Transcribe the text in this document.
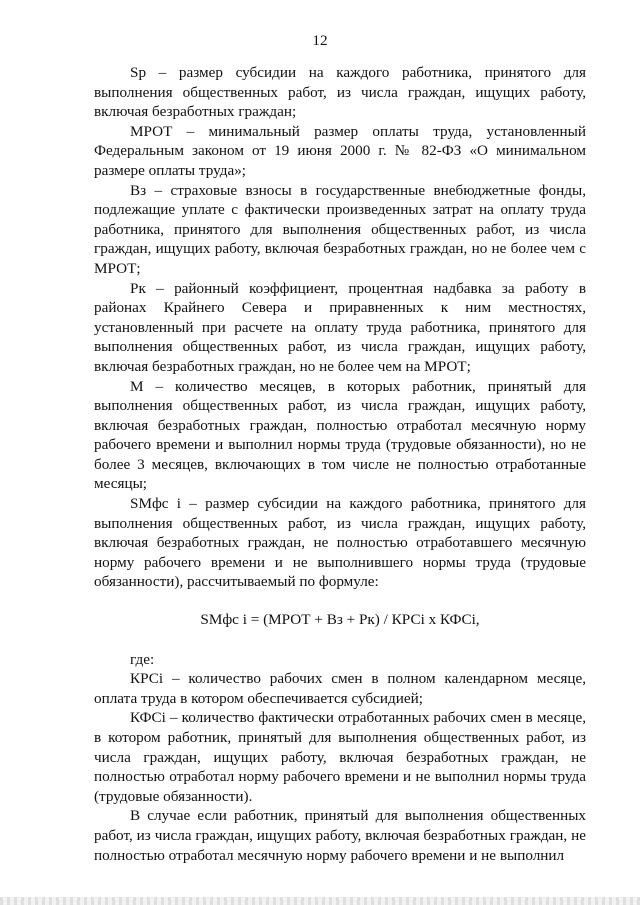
12

Sp – размер субсидии на каждого работника, принятого для выполнения общественных работ, из числа граждан, ищущих работу, включая безработных граждан;

МРОТ – минимальный размер оплаты труда, установленный Федеральным законом от 19 июня 2000 г. № 82-ФЗ «О минимальном размере оплаты труда»;

Вз – страховые взносы в государственные внебюджетные фонды, подлежащие уплате с фактически произведенных затрат на оплату труда работника, принятого для выполнения общественных работ, из числа граждан, ищущих работу, включая безработных граждан, но не более чем с МРОТ;

Рк – районный коэффициент, процентная надбавка за работу в районах Крайнего Севера и приравненных к ним местностях, установленный при расчете на оплату труда работника, принятого для выполнения общественных работ, из числа граждан, ищущих работу, включая безработных граждан, но не более чем на МРОТ;

М – количество месяцев, в которых работник, принятый для выполнения общественных работ, из числа граждан, ищущих работу, включая безработных граждан, полностью отработал месячную норму рабочего времени и выполнил нормы труда (трудовые обязанности), но не более 3 месяцев, включающих в том числе не полностью отработанные месяцы;

SMфс i – размер субсидии на каждого работника, принятого для выполнения общественных работ, из числа граждан, ищущих работу, включая безработных граждан, не полностью отработавшего месячную норму рабочего времени и не выполнившего нормы труда (трудовые обязанности), рассчитываемый по формуле:

SMфс i = (МРОТ + Вз + Рк) / КРСi х КФСi,

где:

КРСi – количество рабочих смен в полном календарном месяце, оплата труда в котором обеспечивается субсидией;

КФСi – количество фактически отработанных рабочих смен в месяце, в котором работник, принятый для выполнения общественных работ, из числа граждан, ищущих работу, включая безработных граждан, не полностью отработал норму рабочего времени и не выполнил нормы труда (трудовые обязанности).

В случае если работник, принятый для выполнения общественных работ, из числа граждан, ищущих работу, включая безработных граждан, не полностью отработал месячную норму рабочего времени и не выполнил
